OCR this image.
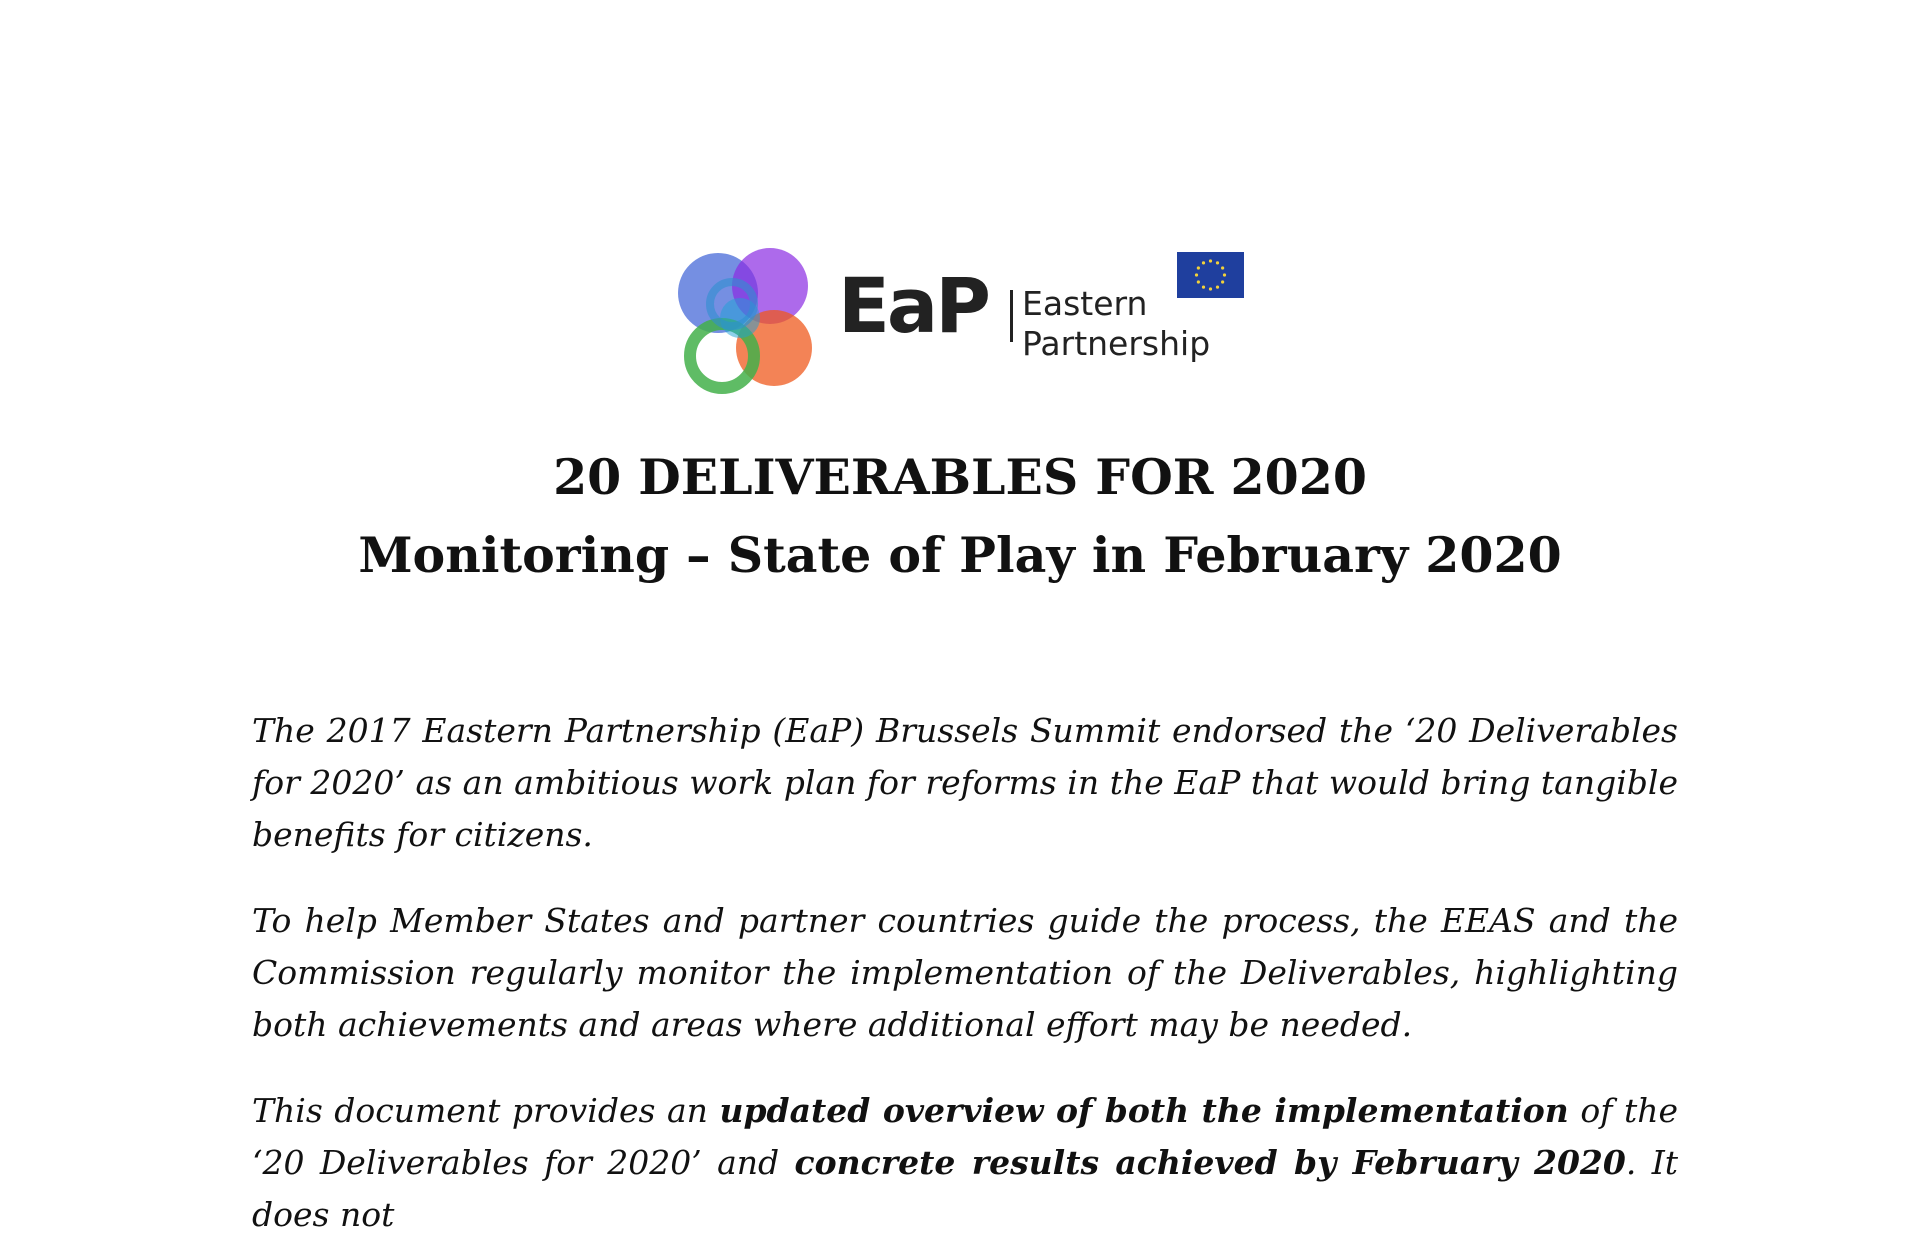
EaP Eastern
Partnership
20 DELIVERABLES FOR 2020
Monitoring – State of Play in February 2020
The 2017 Eastern Partnership (EaP) Brussels Summit endorsed the ‘20 Deliverables for 2020’ as an ambitious work plan for reforms in the EaP that would bring tangible benefits for citizens.
To help Member States and partner countries guide the process, the EEAS and the Commission regularly monitor the implementation of the Deliverables, highlighting both achievements and areas where additional effort may be needed.
This document provides an updated overview of both the implementation of the ‘20 Deliverables for 2020’ and concrete results achieved by February 2020. It does not
